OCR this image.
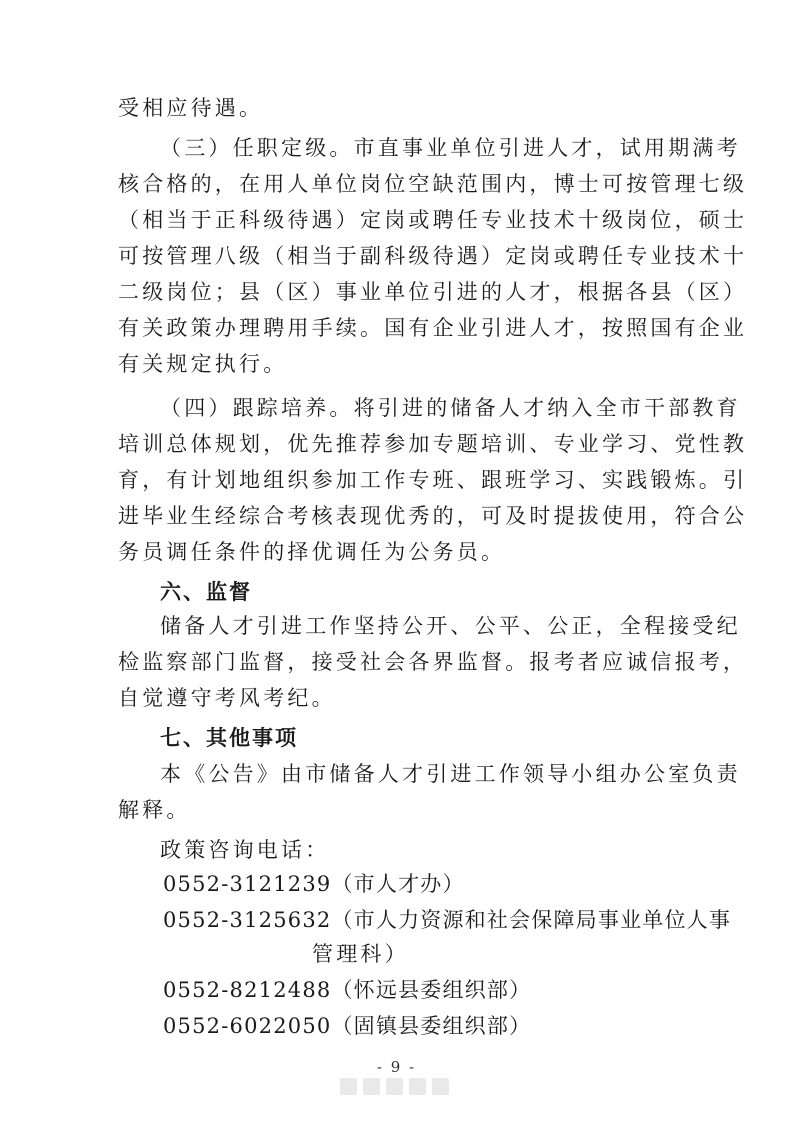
受相应待遇。
（三）任职定级。市直事业单位引进人才，试用期满考
核合格的，在用人单位岗位空缺范围内，博士可按管理七级
（相当于正科级待遇）定岗或聘任专业技术十级岗位，硕士
可按管理八级（相当于副科级待遇）定岗或聘任专业技术十
二级岗位；县（区）事业单位引进的人才，根据各县（区）
有关政策办理聘用手续。国有企业引进人才，按照国有企业
有关规定执行。
（四）跟踪培养。将引进的储备人才纳入全市干部教育
培训总体规划，优先推荐参加专题培训、专业学习、党性教
育，有计划地组织参加工作专班、跟班学习、实践锻炼。引
进毕业生经综合考核表现优秀的，可及时提拔使用，符合公
务员调任条件的择优调任为公务员。
六、监督
储备人才引进工作坚持公开、公平、公正，全程接受纪
检监察部门监督，接受社会各界监督。报考者应诚信报考，
自觉遵守考风考纪。
七、其他事项
本《公告》由市储备人才引进工作领导小组办公室负责
解释。
政策咨询电话：
0552-3121239（市人才办）
0552-3125632（市人力资源和社会保障局事业单位人事
管理科）
0552-8212488（怀远县委组织部）
0552-6022050（固镇县委组织部）
- 9 -
